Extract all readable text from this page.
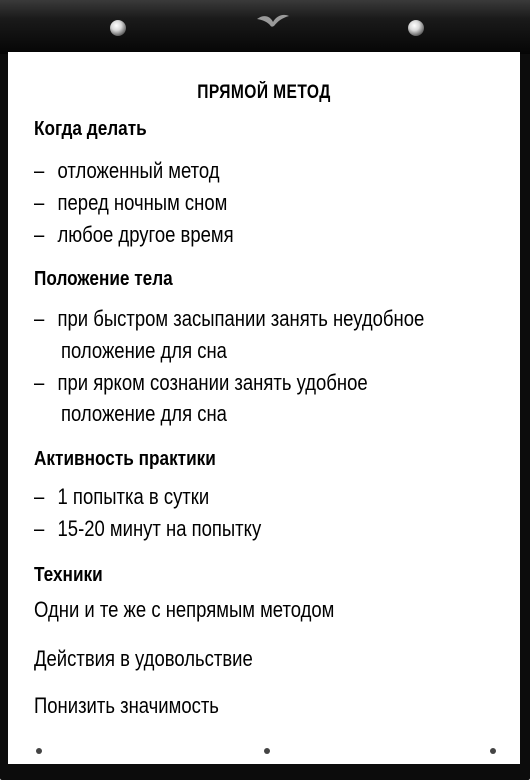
ПРЯМОЙ МЕТОД
Когда делать
– отложенный метод
– перед ночным сном
– любое другое время
Положение тела
– при быстром засыпании занять неудобное
положение для сна
– при ярком сознании занять удобное
положение для сна
Активность практики
– 1 попытка в сутки
– 15-20 минут на попытку
Техники
Одни и те же с непрямым методом
Действия в удовольствие
Понизить значимость
